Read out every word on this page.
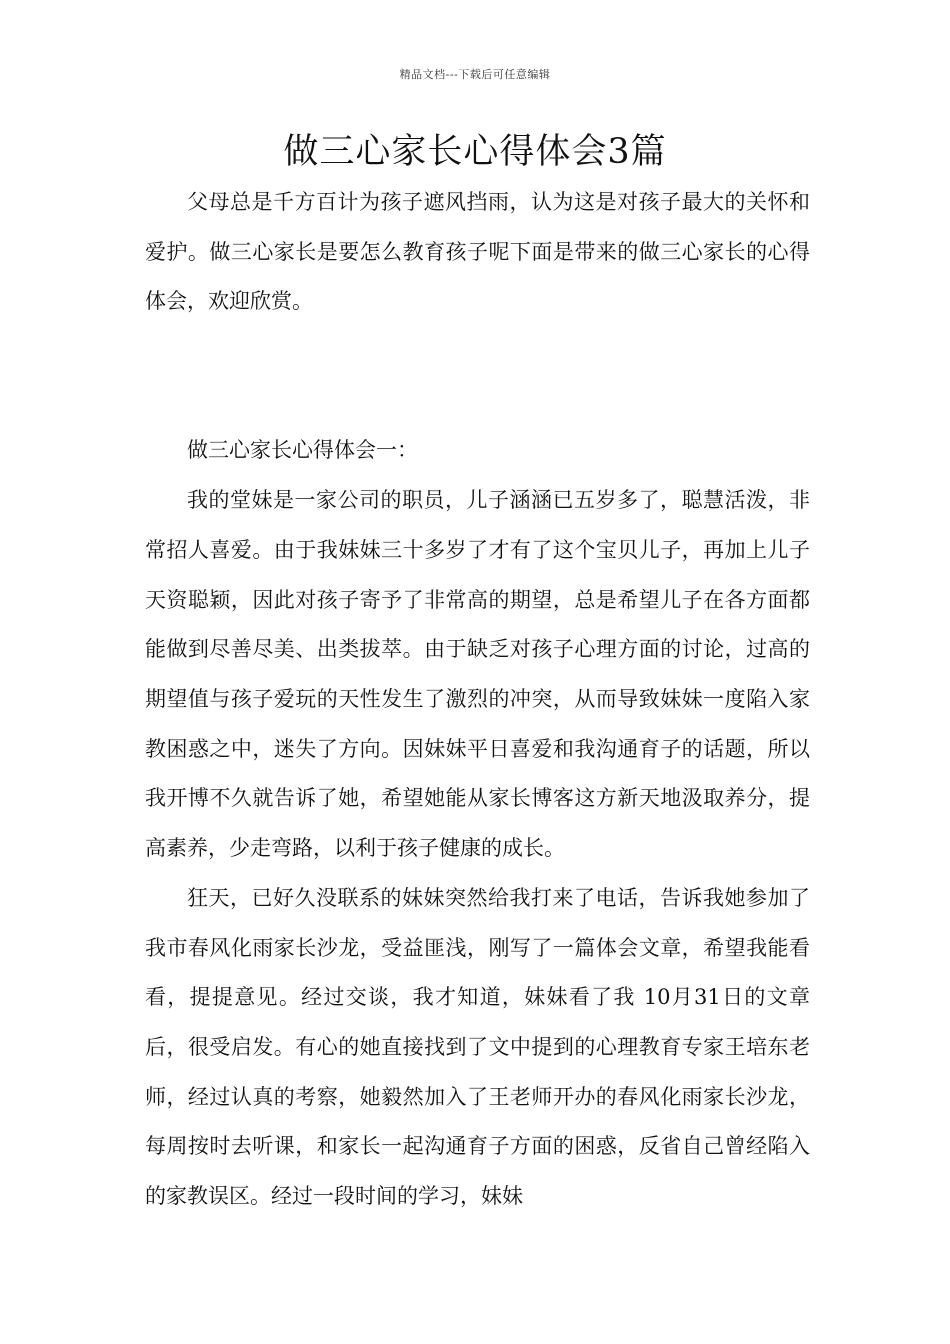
精品文档---下载后可任意编辑
做三心家长心得体会3篇

父母总是千方百计为孩子遮风挡雨，认为这是对孩子最大的关怀和爱护。做三心家长是要怎么教育孩子呢下面是带来的做三心家长的心得体会，欢迎欣赏。

做三心家长心得体会一：

我的堂妹是一家公司的职员，儿子涵涵已五岁多了，聪慧活泼，非常招人喜爱。由于我妹妹三十多岁了才有了这个宝贝儿子，再加上儿子天资聪颖，因此对孩子寄予了非常高的期望，总是希望儿子在各方面都能做到尽善尽美、出类拔萃。由于缺乏对孩子心理方面的讨论，过高的期望值与孩子爱玩的天性发生了激烈的冲突，从而导致妹妹一度陷入家教困惑之中，迷失了方向。因妹妹平日喜爱和我沟通育子的话题，所以我开博不久就告诉了她，希望她能从家长博客这方新天地汲取养分，提高素养，少走弯路，以利于孩子健康的成长。

狂天，已好久没联系的妹妹突然给我打来了电话，告诉我她参加了我市春风化雨家长沙龙，受益匪浅，刚写了一篇体会文章，希望我能看看，提提意见。经过交谈，我才知道，妹妹看了我 10月31日的文章后，很受启发。有心的她直接找到了文中提到的心理教育专家王培东老师，经过认真的考察，她毅然加入了王老师开办的春风化雨家长沙龙，每周按时去听课，和家长一起沟通育子方面的困惑，反省自己曾经陷入的家教误区。经过一段时间的学习，妹妹
